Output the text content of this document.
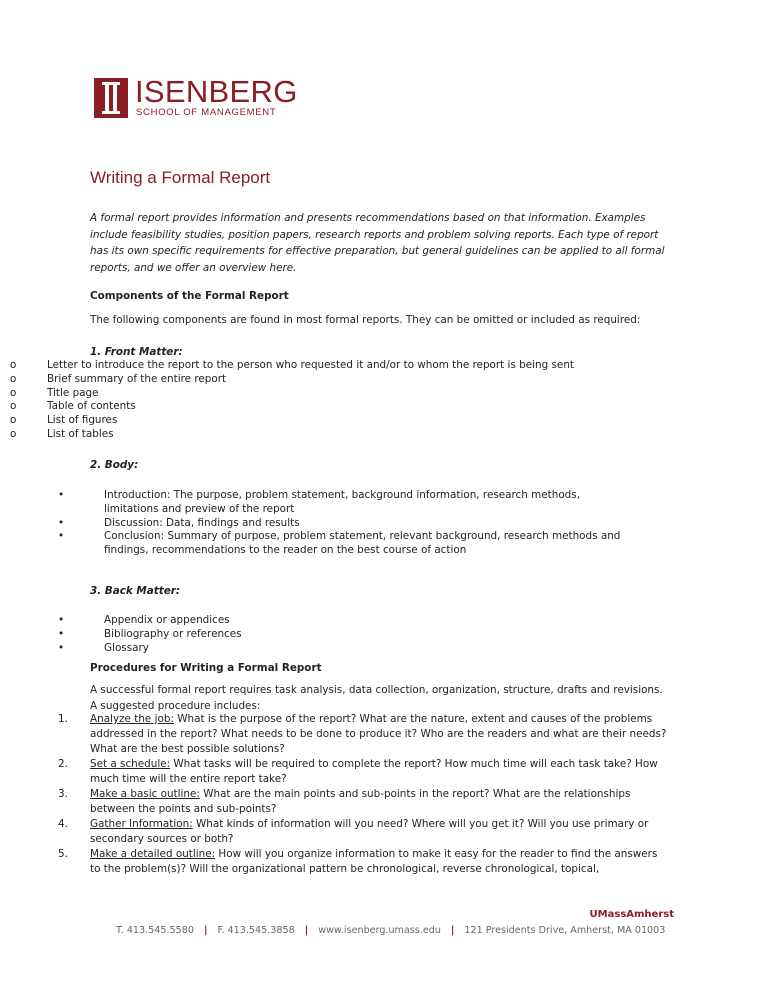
ISENBERG
SCHOOL OF MANAGEMENT
Writing a Formal Report

A formal report provides information and presents recommendations based on that information. Examples include feasibility studies, position papers, research reports and problem solving reports. Each type of report has its own specific requirements for effective preparation, but general guidelines can be applied to all formal reports, and we offer an overview here.

Components of the Formal Report

The following components are found in most formal reports. They can be omitted or included as required:

1. Front Matter:
o	Letter to introduce the report to the person who requested it and/or to whom the report is being sent
o	Brief summary of the entire report
o	Title page
o	Table of contents
o	List of figures
o	List of tables
2. Body:
•	Introduction: The purpose, problem statement, background information, research methods, limitations and preview of the report
•	Discussion: Data, findings and results
•	Conclusion: Summary of purpose, problem statement, relevant background, research methods and findings, recommendations to the reader on the best course of action
3. Back Matter:
•	Appendix or appendices
•	Bibliography or references
•	Glossary
Procedures for Writing a Formal Report

A successful formal report requires task analysis, data collection, organization, structure, drafts and revisions. A suggested procedure includes:

1. Analyze the job: What is the purpose of the report? What are the nature, extent and causes of the problems addressed in the report? What needs to be done to produce it? Who are the readers and what are their needs? What are the best possible solutions?
2. Set a schedule: What tasks will be required to complete the report? How much time will each task take? How much time will the entire report take?
3. Make a basic outline: What are the main points and sub-points in the report? What are the relationships between the points and sub-points?
4. Gather Information: What kinds of information will you need? Where will you get it? Will you use primary or secondary sources or both?
5. Make a detailed outline: How will you organize information to make it easy for the reader to find the answers to the problem(s)? Will the organizational pattern be chronological, reverse chronological, topical,
UMassAmherst
T. 413.545.5580 | F. 413.545.3858 | www.isenberg.umass.edu | 121 Presidents Drive, Amherst, MA 01003
